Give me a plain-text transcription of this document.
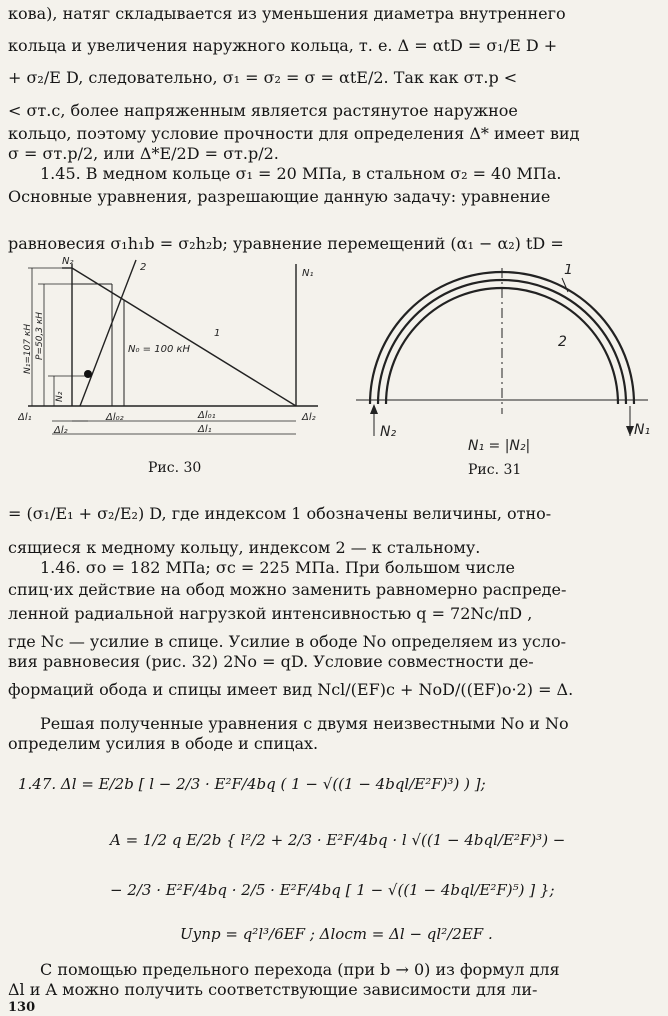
кова), натяг складывается из уменьшения диаметра внутреннего
кольца и увеличения наружного кольца, т. е. Δ = αtD = σ₁/E D +
+ σ₂/E D, следовательно, σ₁ = σ₂ = σ = αtE/2. Так как σт.р <
< σт.с, более напряженным является растянутое наружное
кольцо, поэтому условие прочности для определения Δ* имеет вид
σ = σт.р/2, или Δ*E/2D = σт.р/2.
1.45. В медном кольце σ₁ = 20 МПа, в стальном σ₂ = 40 МПа.
Основные уравнения, разрешающие данную задачу: уравнение
равновесия σ₁h₁b = σ₂h₂b; уравнение перемещений (α₁ − α₂) tD =
N₂
N₁
2
1
N₀ = 100 кН
Δl₁	Δl₂
Δl₀₂	Δl₀₁
Δl₂	Δl₁
N₁=107 кН P=50,3 кН
N₂
Рис. 30
1
2
N₂	N₁
N₁ = |N₂|
Рис. 31
= (σ₁/E₁ + σ₂/E₂) D, где индексом 1 обозначены величины, отно-
сящиеся к медному кольцу, индексом 2 — к стальному.
1.46. σо = 182 МПа; σс = 225 МПа. При большом числе
спиц·их действие на обод можно заменить равномерно распреде-
ленной радиальной нагрузкой интенсивностью q = 72Nс/πD ,
где Nс — усилие в спице. Усилие в ободе Nо определяем из усло-
вия равновесия (рис. 32) 2Nо = qD. Условие совместности де-
формаций обода и спицы имеет вид Nсl/(EF)с + NоD/((EF)о·2) = Δ.
Решая полученные уравнения с двумя неизвестными Nо и Nо
определим усилия в ободе и спицах.
1.47. Δl = E/2b [ l − 2/3 · E²F/4bq ( 1 − √((1 − 4bql/E²F)³) ) ];
A = 1/2 q E/2b { l²/2 + 2/3 · E²F/4bq · l √((1 − 4bql/E²F)³) −
− 2/3 · E²F/4bq · 2/5 · E²F/4bq [ 1 − √((1 − 4bql/E²F)⁵) ] };
Uупр = q²l³/6EF ; Δlост = Δl − ql²/2EF .
С помощью предельного перехода (при b → 0) из формул для
Δl и A можно получить соответствующие зависимости для ли-
130
